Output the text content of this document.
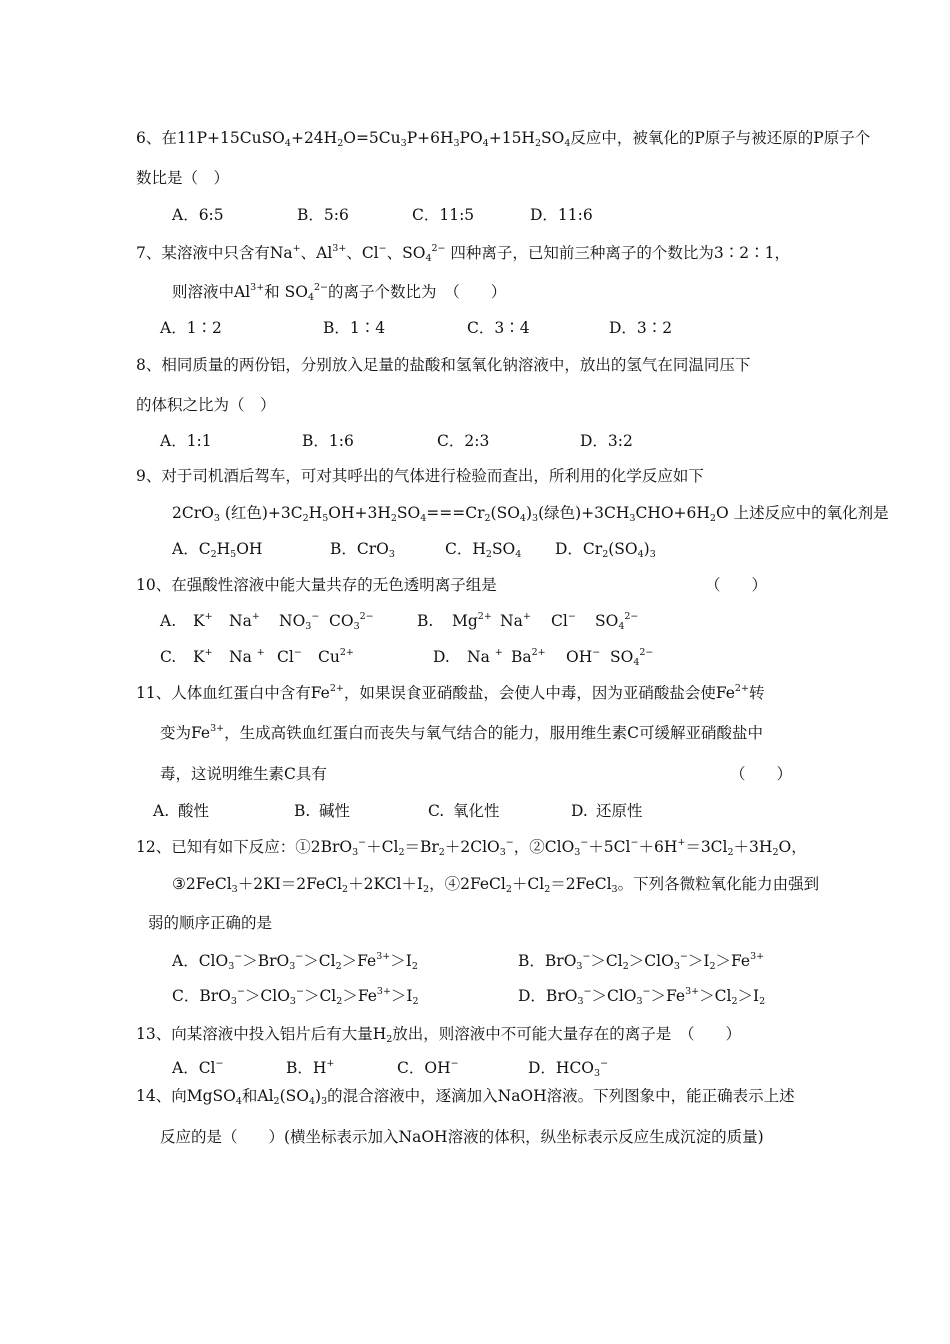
6、在$11P+15CuSO_4+24H_2O=5Cu_3P+6H_3PO_4+15H_2SO_4$反应中，被氧化的P原子与被还原的P原子个
数比是（　）
A．6:5	B．5:6	C．11:5	D．11:6
7、某溶液中只含有Na+、$Al^{3+}$、Cl−、$SO_4^{2-}$ 四种离子，已知前三种离子的个数比为3∶2∶1，
则溶液中$Al^{3+}$和 $SO_4^{2-}$的离子个数比为　（　　）
A．1∶2	B．1∶4	C．3∶4	D．3∶2
8、相同质量的两份铝，分别放入足量的盐酸和氢氧化钠溶液中，放出的氢气在同温同压下
的体积之比为（　）
A．1:1	B．1:6	C．2:3	D．3:2
9、对于司机酒后驾车，可对其呼出的气体进行检验而查出，所利用的化学反应如下
2CrO$_3$ (红色)$+3C_2H_5OH+3H_2SO_4===Cr_2(SO_4)_3$(绿色)$+3CH_3CHO+6H_2O$ 上述反应中的氧化剂是
A．$C_2H_5OH$	B．CrO$_3$	C．$H_2SO_4$ D．$Cr_2(SO_4)_3$
10、在强酸性溶液中能大量共存的无色透明离子组是	（　　）
A. K+ Na+ $NO_3^-$ $CO_3^{2-}$	B. $Mg^{2+}$ Na+ Cl− $SO_4^{2-}$
C. K+ Na + Cl− $Cu^{2+}$	D. Na + $Ba^{2+}$ OH− $SO_4^{2-}$
11、人体血红蛋白中含有$Fe^{2+}$，如果误食亚硝酸盐，会使人中毒，因为亚硝酸盐会使$Fe^{2+}$转
变为$Fe^{3+}$，生成高铁血红蛋白而丧失与氧气结合的能力，服用维生素C可缓解亚硝酸盐中
毒，这说明维生素C具有	（　　）
A. 酸性	B. 碱性	C. 氧化性	D. 还原性
12、已知有如下反应：$①2BrO_3^-+Cl_2=Br_2+2ClO_3^-$，$②ClO_3^-+5Cl^-+6H^+=3Cl_2+3H_2O$，
$③2FeCl_3+2KI=2FeCl_2+2KCl+I_2$，$④2FeCl_2+Cl_2=2FeCl_3$。下列各微粒氧化能力由强到
弱的顺序正确的是
A．$ClO_3^->BrO_3^->Cl_2>Fe^{3+}>I_2$	B．$BrO_3^->Cl_2>ClO_3^->I_2>Fe^{3+}$
C．$BrO_3^->ClO_3^->Cl_2>Fe^{3+}>I_2$	D．$BrO_3^->ClO_3^->Fe^{3+}>Cl_2>I_2$
13、向某溶液中投入铝片后有大量$H_2$放出，则溶液中不可能大量存在的离子是　（　　）
A．Cl−	B．H+	C．OH−	D．$HCO_3^-$
14、向MgSO$_4$和$Al_2(SO_4)_3$的混合溶液中，逐滴加入NaOH溶液。下列图象中，能正确表示上述
反应的是（　　）(横坐标表示加入NaOH溶液的体积，纵坐标表示反应生成沉淀的质量)
